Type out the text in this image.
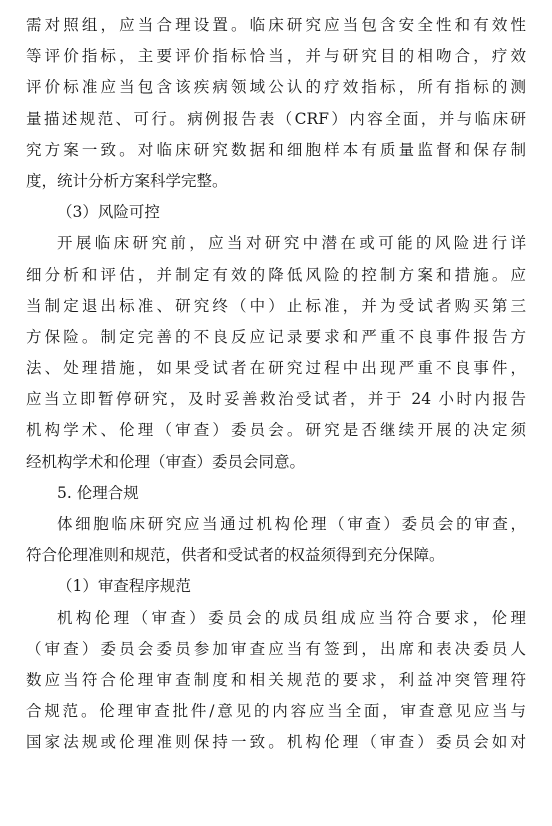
需对照组，应当合理设置。临床研究应当包含安全性和有效性
等评价指标，主要评价指标恰当，并与研究目的相吻合，疗效
评价标准应当包含该疾病领域公认的疗效指标，所有指标的测
量描述规范、可行。病例报告表（CRF）内容全面，并与临床研
究方案一致。对临床研究数据和细胞样本有质量监督和保存制
度，统计分析方案科学完整。
（3）风险可控
开展临床研究前，应当对研究中潜在或可能的风险进行详
细分析和评估，并制定有效的降低风险的控制方案和措施。应
当制定退出标准、研究终（中）止标准，并为受试者购买第三
方保险。制定完善的不良反应记录要求和严重不良事件报告方
法、处理措施，如果受试者在研究过程中出现严重不良事件，
应当立即暂停研究，及时妥善救治受试者，并于 24 小时内报告
机构学术、伦理（审查）委员会。研究是否继续开展的决定须
经机构学术和伦理（审查）委员会同意。
5. 伦理合规
体细胞临床研究应当通过机构伦理（审查）委员会的审查，
符合伦理准则和规范，供者和受试者的权益须得到充分保障。
（1）审查程序规范
机构伦理（审查）委员会的成员组成应当符合要求，伦理
（审查）委员会委员参加审查应当有签到，出席和表决委员人
数应当符合伦理审查制度和相关规范的要求，利益冲突管理符
合规范。伦理审查批件/意见的内容应当全面，审查意见应当与
国家法规或伦理准则保持一致。机构伦理（审查）委员会如对
